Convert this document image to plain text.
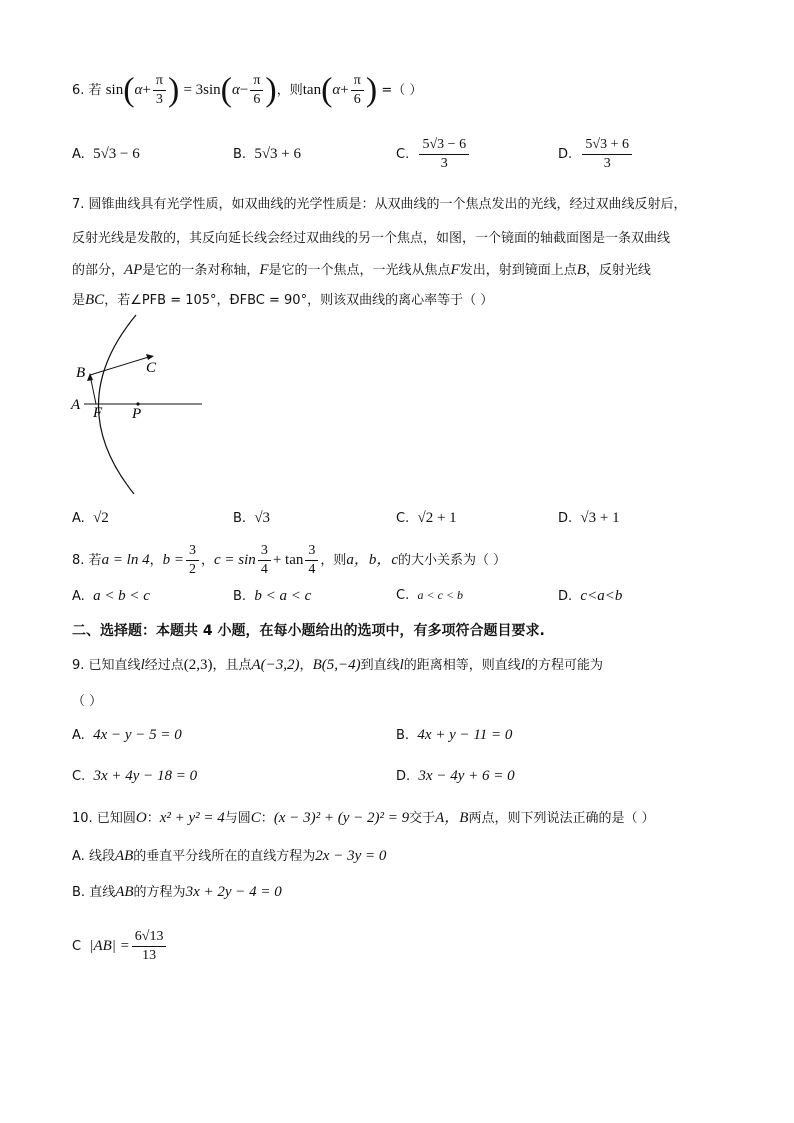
6. 若 $\sin(\alpha+ \frac{\pi}{3}$ ) = $3\sin(\alpha- \frac{\pi}{6}$ )，则$\tan(\alpha+ \frac{\pi}{6}$ ) =（ ）
A. 5√3 − 6	B. 5√3 + 6	C. $\frac{5√3 - 6}{3}$	D. $\frac{5√3 + 6}{3}$
7. 圆锥曲线具有光学性质，如双曲线的光学性质是：从双曲线的一个焦点发出的光线，经过双曲线反射后，
反射光线是发散的，其反向延长线会经过双曲线的另一个焦点，如图，一个镜面的轴截面图是一条双曲线
的部分，AP是它的一条对称轴，F是它的一个焦点，一光线从焦点F发出，射到镜面上点B，反射光线
是BC，若∠PFB = 105°，ĐFBC = 90°，则该双曲线的离心率等于（ ）
B	C
A F P
A. √2	B. √3	C. √2 + 1	D. √3 + 1
8. 若a = ln 4，$b = \frac{3}{2}$ ，$c = \sin \frac{3}{4} + \tan \frac{3}{4}$ ，则a，b，c的大小关系为（ ）
A. a < b < c	B. b < a < c	C. a < c < b	D. c<a<b
二、选择题：本题共 4 小题，在每小题给出的选项中，有多项符合题目要求.
9. 已知直线l经过点(2,3)，且点A(−3,2)，B(5,−4)到直线l的距离相等，则直线l的方程可能为
（ ）
A. 4x − y − 5 = 0	B. 4x + y − 11 = 0
C. 3x + 4y − 18 = 0	D. 3x − 4y + 6 = 0
10. 已知圆O：x² + y² = 4与圆C：(x − 3)² + (y − 2)² = 9交于A，B两点，则下列说法正确的是（ ）
A. 线段AB的垂直平分线所在的直线方程为2x − 3y = 0
B. 直线AB的方程为3x + 2y − 4 = 0
C $|AB| = \frac{6√13}{13}$
